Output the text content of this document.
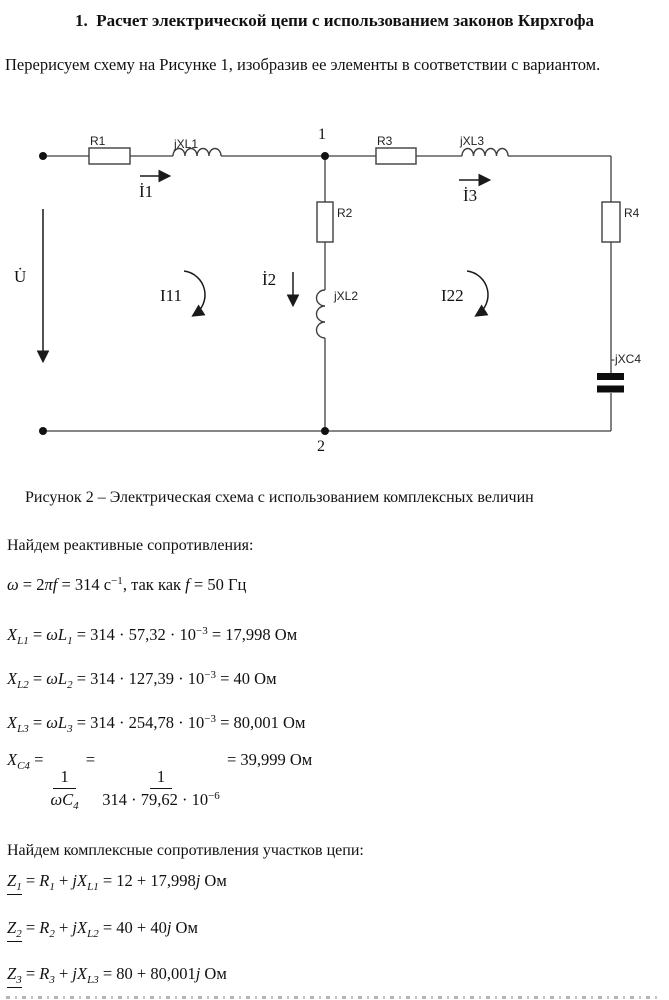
1.  Расчет электрической цепи с использованием законов Кирхгофа
Перерисуем схему на Рисунке 1, изобразив ее элементы в соответствии с вариантом.
R1	jXL1
1	R3	jXL3
İ1	İ3
R2	R4
U̇	İ2
I11	I22
jXL2
-jXC4
2
Рисунок 2 – Электрическая схема с использованием комплексных величин
Найдем реактивные сопротивления:
ω = 2πf = 314 $с^{-1}$, так как f = 50 Гц
$X_{L1} = \omega L_1 = 314 \cdot 57,32 \cdot 10^{-3} = 17,998$ Ом
$X_{L2} = \omega L_2 = 314 \cdot 127,39 \cdot 10^{-3} = 40$ Ом
$X_{L3} = \omega L_3 = 314 \cdot 254,78 \cdot 10^{-3} = 80,001$ Ом
$X_{C4}$ =
$\frac{1}{\omega C_4}$
=
$\frac{1}{314 \cdot 79,62 \cdot 10^{-6}}$
= 39,999 Ом
Найдем комплексные сопротивления участков цепи:
$Z_1 = R_1 + jX_{L1} = 12 + 17,998j$ Ом
$Z_2 = R_2 + jX_{L2} = 40 + 40j$ Ом
$Z_3 = R_3 + jX_{L3} = 80 + 80,001j$ Ом
